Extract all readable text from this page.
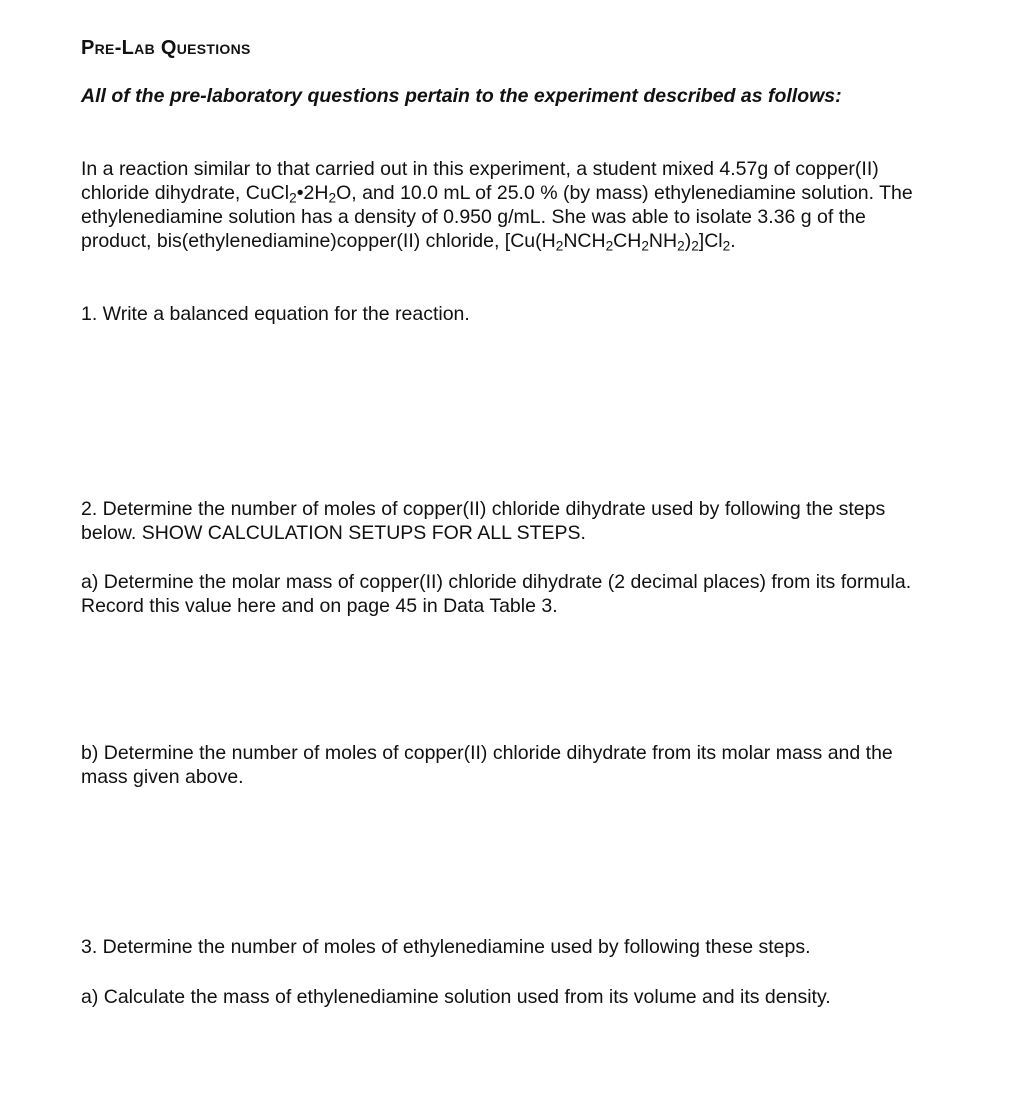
Pre-Lab Questions

All of the pre-laboratory questions pertain to the experiment described as follows:

In a reaction similar to that carried out in this experiment, a student mixed 4.57g of copper(II) chloride dihydrate, $CuCl_2•2H_2O$, and 10.0 mL of 25.0 % (by mass) ethylenediamine solution. The ethylenediamine solution has a density of 0.950 g/mL. She was able to isolate 3.36 g of the product, bis(ethylenediamine)copper(II) chloride, $[Cu(H_2NCH_2CH_2NH_2)_2]Cl_2$.

1. Write a balanced equation for the reaction.

2. Determine the number of moles of copper(II) chloride dihydrate used by following the steps below. SHOW CALCULATION SETUPS FOR ALL STEPS.

a) Determine the molar mass of copper(II) chloride dihydrate (2 decimal places) from its formula. Record this value here and on page 45 in Data Table 3.

b) Determine the number of moles of copper(II) chloride dihydrate from its molar mass and the mass given above.

3. Determine the number of moles of ethylenediamine used by following these steps.

a) Calculate the mass of ethylenediamine solution used from its volume and its density.
